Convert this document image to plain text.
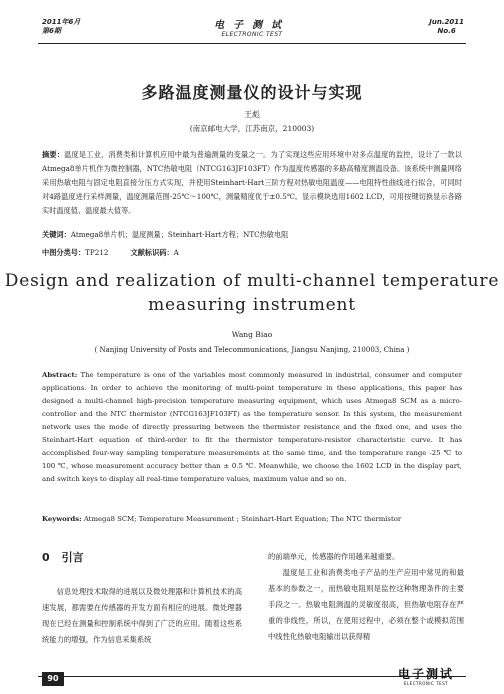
2011年6月
第6期	电子测试
ELECTRONIC TEST
Jun.2011
No.6
多路温度测量仪的设计与实现
王彪
(南京邮电大学，江苏南京，210003)
摘要：温度是工业、消费类和计算机应用中最为普遍测量的变量之一。为了实现这些应用环境中对多点温度的监控，设计了一款以Atmega8单片机作为微控制器，NTC热敏电阻（NTCG163JF103FT）作为温度传感器的多路高精度测温设备。该系统中测量网络采用热敏电阻与固定电阻直接分压方式实现，并使用Steinhart-Hart三阶方程对热敏电阻温度——电阻特性曲线进行拟合，可同时对4路温度进行采样测量，温度测量范围-25℃～100℃，测量精度优于±0.5℃。显示模块选用1602 LCD，可用按键切换显示各路实时温度值、温度最大值等。
关键词：Atmega8单片机；温度测量；Steinhart-Hart方程；NTC热敏电阻
中图分类号：TP212	文献标识码：A
Design and realization of multi-channel temperature
measuring instrument
Wang Biao
( Nanjing University of Posts and Telecommunications, Jiangsu Nanjing, 210003, China )
Abstract: The temperature is one of the variables most commonly measured in industrial, consumer and computer applications. In order to achieve the monitoring of multi-point temperature in these applications, this paper has designed a multi-channel high-precision temperature measuring equipment, which uses Atmega8 SCM as a micro-controller and the NTC thermistor (NTCG163JF103FT) as the temperature sensor. In this system, the measurement network uses the mode of directly pressuring between the thermistor resistance and the fixed one, and uses the Steinhart-Hart equation of third-order to fit the thermistor temperature-resistor characteristic curve. It has accomplished four-way sampling temperature measurements at the same time, and the temperature range -25 ℃ to 100 ℃, whose measurement accuracy better than ± 0.5 ℃. Meanwhile, we choose the 1602 LCD in the display part, and switch keys to display all real-time temperature values, maximum value and so on.
Keywords: Atmega8 SCM; Temperature Measurement ; Steinhart-Hart Equation; The NTC thermistor
0 引言
信息处理技术取得的进展以及微处理器和计算机技术的高速发展，都需要在传感器的开发方面有相应的进展。微处理器现在已经在测量和控制系统中得到了广泛的应用。随着这些系统能力的增强，作为信息采集系统
的前端单元，传感器的作用越来越重要。
温度是工业和消费类电子产品的生产应用中常见的和最基本的参数之一，而热敏电阻则是监控这种物理条件的主要手段之一。热敏电阻测温的灵敏度很高，但热敏电阻存在严重的非线性，所以，在使用过程中，必须在整个或模拟范围中线性化热敏电阻输出以获得精
90	电子测试
ELECTRONIC TEST
